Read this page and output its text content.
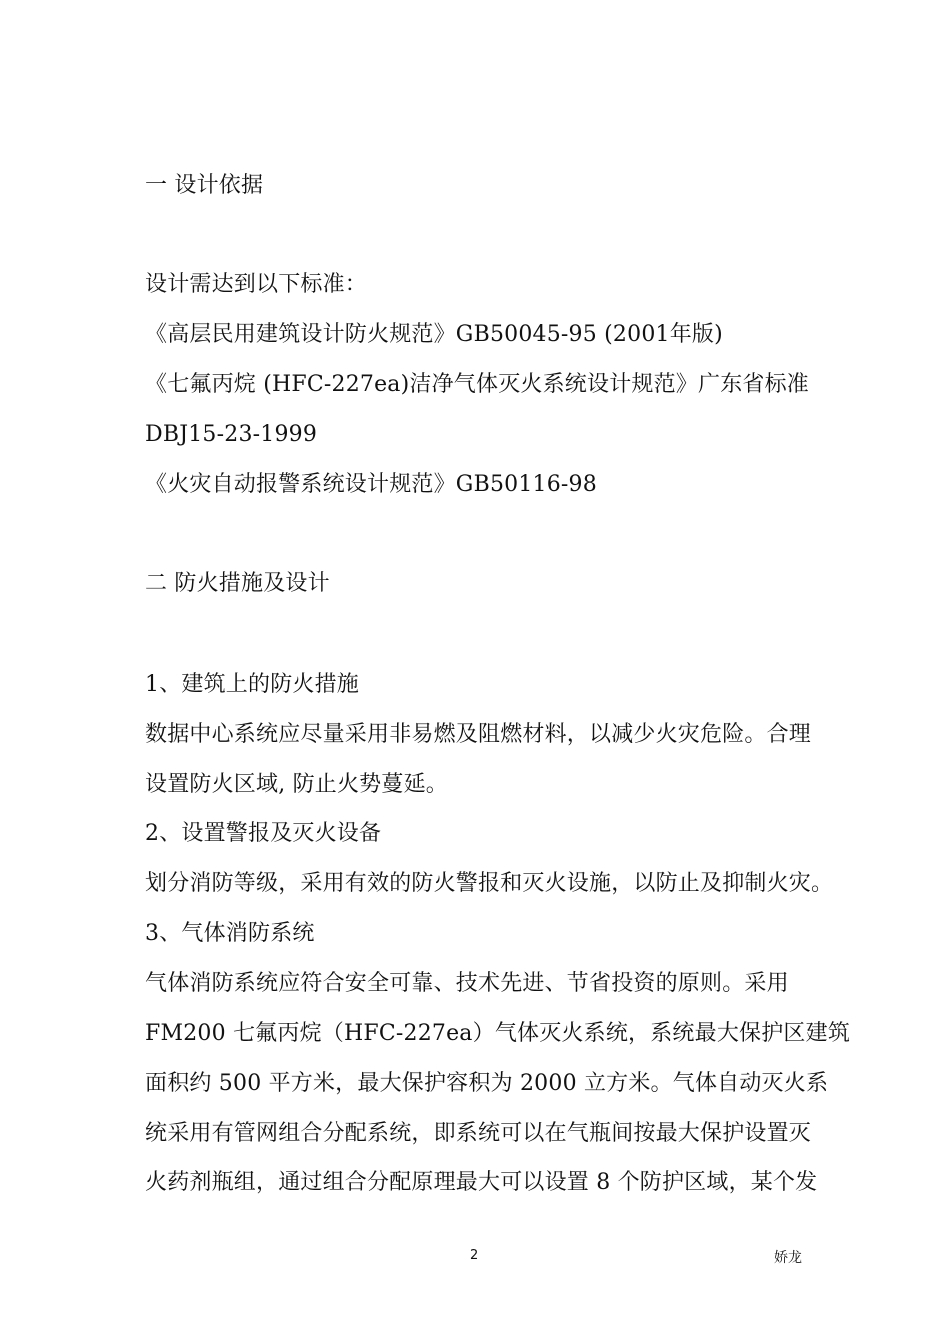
一 设计依据
设计需达到以下标准：
《高层民用建筑设计防火规范》GB50045-95 (2001年版)
《七氟丙烷 (HFC-227ea)洁净气体灭火系统设计规范》广东省标准
DBJ15-23-1999
《火灾自动报警系统设计规范》GB50116-98
二 防火措施及设计
1、建筑上的防火措施
数据中心系统应尽量采用非易燃及阻燃材料，以减少火灾危险。合理
设置防火区域, 防止火势蔓延。
2、设置警报及灭火设备
划分消防等级，采用有效的防火警报和灭火设施，以防止及抑制火灾。
3、气体消防系统
气体消防系统应符合安全可靠、技术先进、节省投资的原则。采用
FM200 七氟丙烷（HFC-227ea）气体灭火系统，系统最大保护区建筑
面积约 500 平方米，最大保护容积为 2000 立方米。气体自动灭火系
统采用有管网组合分配系统，即系统可以在气瓶间按最大保护设置灭
火药剂瓶组，通过组合分配原理最大可以设置 8 个防护区域，某个发
2	娇龙
